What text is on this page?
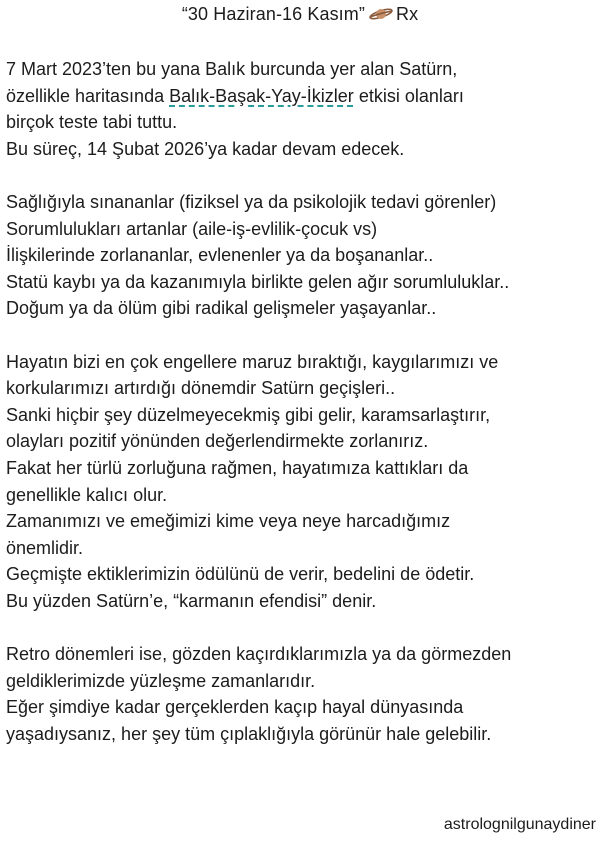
“30 Haziran-16 Kasım” Rx
7 Mart 2023’ten bu yana Balık burcunda yer alan Satürn,
özellikle haritasında Balık-Başak-Yay-İkizler etkisi olanları
birçok teste tabi tuttu.
Bu süreç, 14 Şubat 2026’ya kadar devam edecek.
Sağlığıyla sınananlar (fiziksel ya da psikolojik tedavi görenler)
Sorumlulukları artanlar (aile-iş-evlilik-çocuk vs)
İlişkilerinde zorlananlar, evlenenler ya da boşananlar..
Statü kaybı ya da kazanımıyla birlikte gelen ağır sorumluluklar..
Doğum ya da ölüm gibi radikal gelişmeler yaşayanlar..
Hayatın bizi en çok engellere maruz bıraktığı, kaygılarımızı ve
korkularımızı artırdığı dönemdir Satürn geçişleri..
Sanki hiçbir şey düzelmeyecekmiş gibi gelir, karamsarlaştırır,
olayları pozitif yönünden değerlendirmekte zorlanırız.
Fakat her türlü zorluğuna rağmen, hayatımıza kattıkları da
genellikle kalıcı olur.
Zamanımızı ve emeğimizi kime veya neye harcadığımız
önemlidir.
Geçmişte ektiklerimizin ödülünü de verir, bedelini de ödetir.
Bu yüzden Satürn’e, “karmanın efendisi” denir.
Retro dönemleri ise, gözden kaçırdıklarımızla ya da görmezden
geldiklerimizde yüzleşme zamanlarıdır.
Eğer şimdiye kadar gerçeklerden kaçıp hayal dünyasında
yaşadıysanız, her şey tüm çıplaklığıyla görünür hale gelebilir.
astrolognilgunaydiner
